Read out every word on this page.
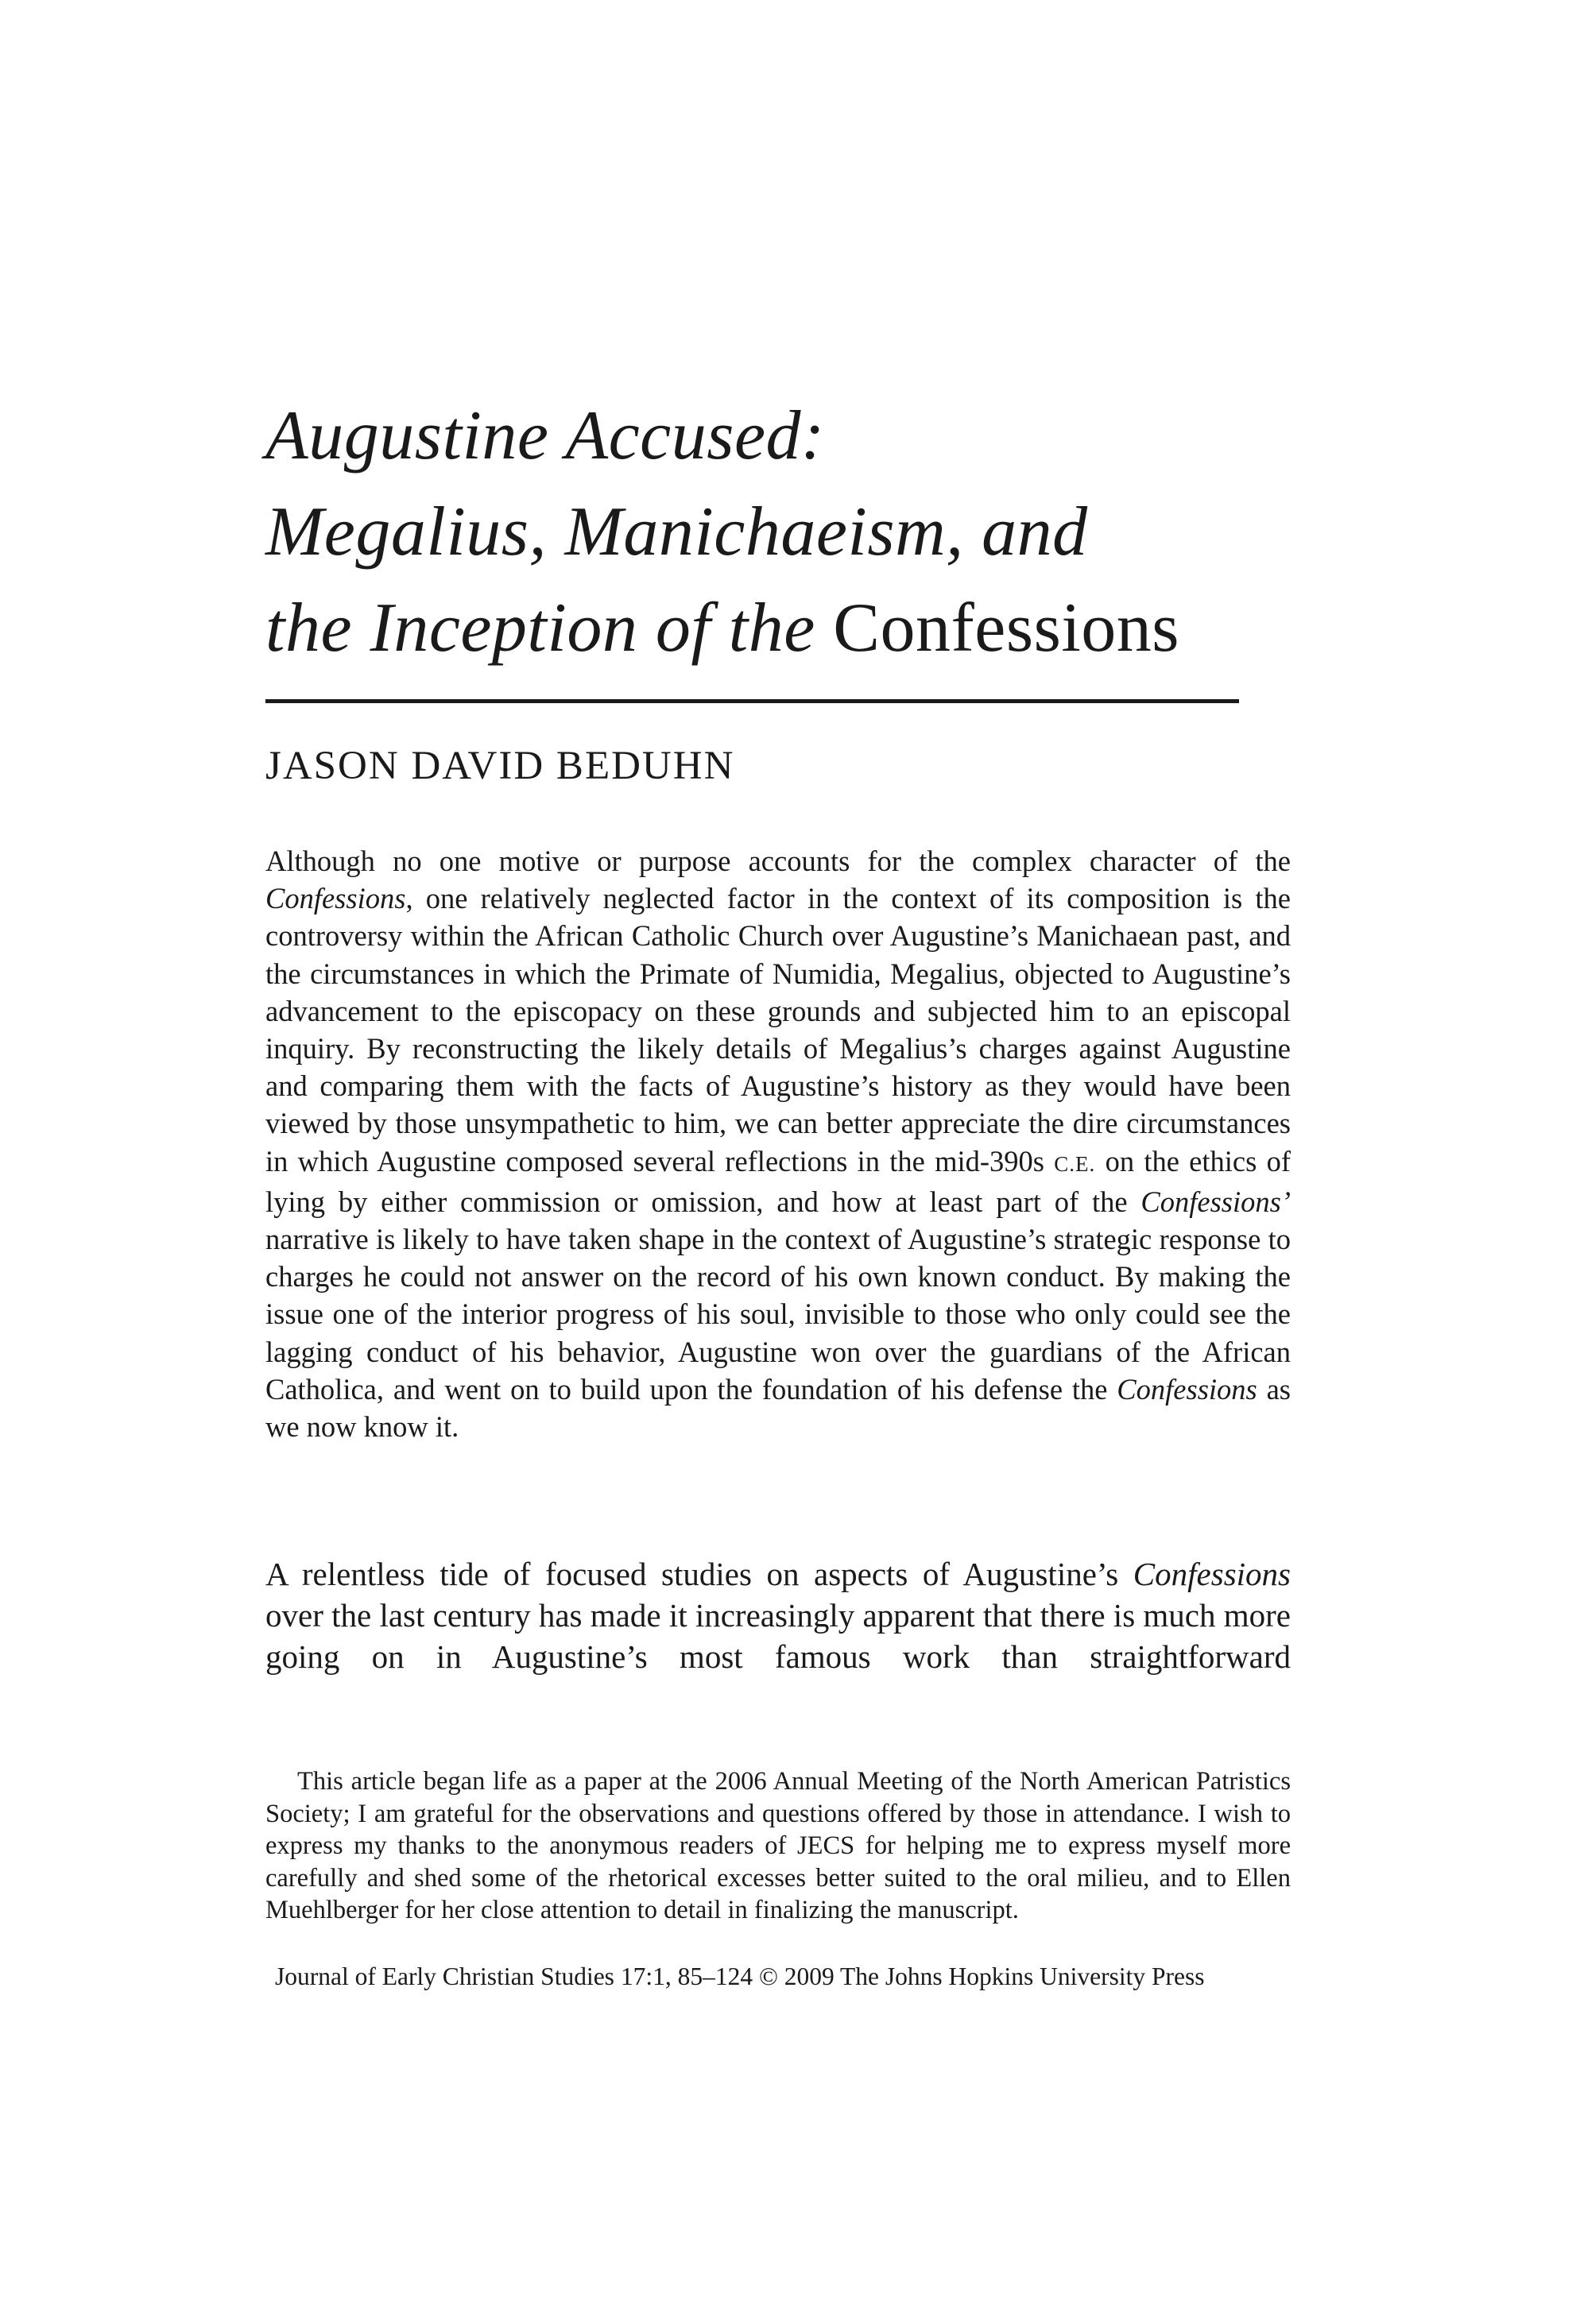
Augustine Accused:
Megalius, Manichaeism, and
the Inception of the Confessions
JASON DAVID BEDUHN

Although no one motive or purpose accounts for the complex character of the Confessions, one relatively neglected factor in the context of its composition is the controversy within the African Catholic Church over Augustine’s Manichaean past, and the circumstances in which the Primate of Numidia, Megalius, objected to Augustine’s advancement to the episcopacy on these grounds and subjected him to an episcopal inquiry. By reconstructing the likely details of Megalius’s charges against Augustine and comparing them with the facts of Augustine’s history as they would have been viewed by those unsympathetic to him, we can better appreciate the dire circumstances in which Augustine composed several reflections in the mid-390s C.E. on the ethics of lying by either commission or omission, and how at least part of the Confessions’ narrative is likely to have taken shape in the context of Augustine’s strategic response to charges he could not answer on the record of his own known conduct. By making the issue one of the interior progress of his soul, invisible to those who only could see the lagging conduct of his behavior, Augustine won over the guardians of the African Catholica, and went on to build upon the foundation of his defense the Confessions as we now know it.

A relentless tide of focused studies on aspects of Augustine’s Confessions over the last century has made it increasingly apparent that there is much more going on in Augustine’s most famous work than straightforward

This article began life as a paper at the 2006 Annual Meeting of the North American Patristics Society; I am grateful for the observations and questions offered by those in attendance. I wish to express my thanks to the anonymous readers of JECS for helping me to express myself more carefully and shed some of the rhetorical excesses better suited to the oral milieu, and to Ellen Muehlberger for her close attention to detail in finalizing the manuscript.

Journal of Early Christian Studies 17:1, 85–124 © 2009 The Johns Hopkins University Press
